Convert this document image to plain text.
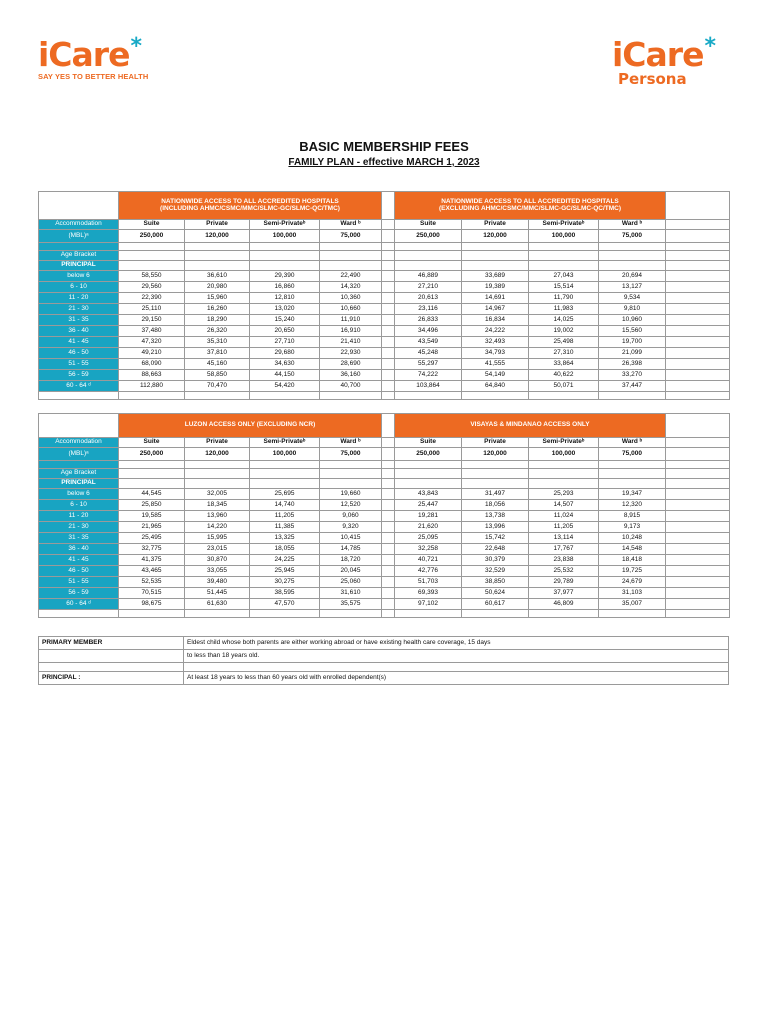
iCare *
SAY YES TO BETTER HEALTH
iCare *
Persona
BASIC MEMBERSHIP FEES
FAMILY PLAN - effective MARCH 1, 2023
	NATIONWIDE ACCESS TO ALL ACCREDITED HOSPITALS
(INCLUDING AHMC/CSMC/MMC/SLMC-GC/SLMC-QC/TMC)					NATIONWIDE ACCESS TO ALL ACCREDITED HOSPITALS
(EXCLUDING AHMC/CSMC/MMC/SLMC-GC/SLMC-QC/TMC)				
Accommodation	Suite	Private	Semi-Privateᵇ	Ward ᵇ		Suite	Private	Semi-Privateᵇ	Ward ᵇ	
(MBL)ᵃ	250,000	120,000	100,000	75,000		250,000	120,000	100,000	75,000	

Age Bracket										
PRINCIPAL										
below 6	58,550	36,610	29,390	22,490		46,889	33,689	27,043	20,694	
6 - 10	29,560	20,980	16,860	14,320		27,210	19,389	15,514	13,127	
11 - 20	22,390	15,960	12,810	10,360		20,613	14,691	11,790	9,534	
21 - 30	25,110	16,260	13,020	10,660		23,116	14,967	11,983	9,810	
31 - 35	29,150	18,290	15,240	11,910		26,833	16,834	14,025	10,960	
36 - 40	37,480	26,320	20,650	16,910		34,496	24,222	19,002	15,560	
41 - 45	47,320	35,310	27,710	21,410		43,549	32,493	25,498	19,700	
46 - 50	49,210	37,810	29,680	22,930		45,248	34,793	27,310	21,099	
51 - 55	68,090	45,160	34,630	28,690		55,297	41,555	33,864	26,398	
56 - 59	88,663	58,850	44,150	36,160		74,222	54,149	40,622	33,270	
60 - 64 ᵈ	112,880	70,470	54,420	40,700		103,864	64,840	50,071	37,447	

	LUZON ACCESS ONLY (EXCLUDING NCR)					VISAYAS & MINDANAO ACCESS ONLY				
Accommodation	Suite	Private	Semi-Privateᵇ	Ward ᵇ		Suite	Private	Semi-Privateᵇ	Ward ᵇ	
(MBL)ᵃ	250,000	120,000	100,000	75,000		250,000	120,000	100,000	75,000	

Age Bracket										
PRINCIPAL										
below 6	44,545	32,005	25,695	19,660		43,843	31,497	25,293	19,347	
6 - 10	25,850	18,345	14,740	12,520		25,447	18,056	14,507	12,320	
11 - 20	19,585	13,960	11,205	9,060		19,281	13,738	11,024	8,915	
21 - 30	21,965	14,220	11,385	9,320		21,620	13,996	11,205	9,173	
31 - 35	25,495	15,995	13,325	10,415		25,095	15,742	13,114	10,248	
36 - 40	32,775	23,015	18,055	14,785		32,258	22,648	17,767	14,548	
41 - 45	41,375	30,870	24,225	18,720		40,721	30,379	23,838	18,418	
46 - 50	43,465	33,055	25,945	20,045		42,776	32,529	25,532	19,725	
51 - 55	52,535	39,480	30,275	25,060		51,703	38,850	29,789	24,679	
56 - 59	70,515	51,445	38,595	31,610		69,393	50,624	37,977	31,103	
60 - 64 ᵈ	98,675	61,630	47,570	35,575		97,102	60,617	46,809	35,007	

PRIMARY MEMBER	Eldest child whose both parents are either working abroad or have existing health care coverage, 15 days
	to less than 18 years old.

PRINCIPAL :	At least 18 years to less than 60 years old with enrolled dependent(s)
